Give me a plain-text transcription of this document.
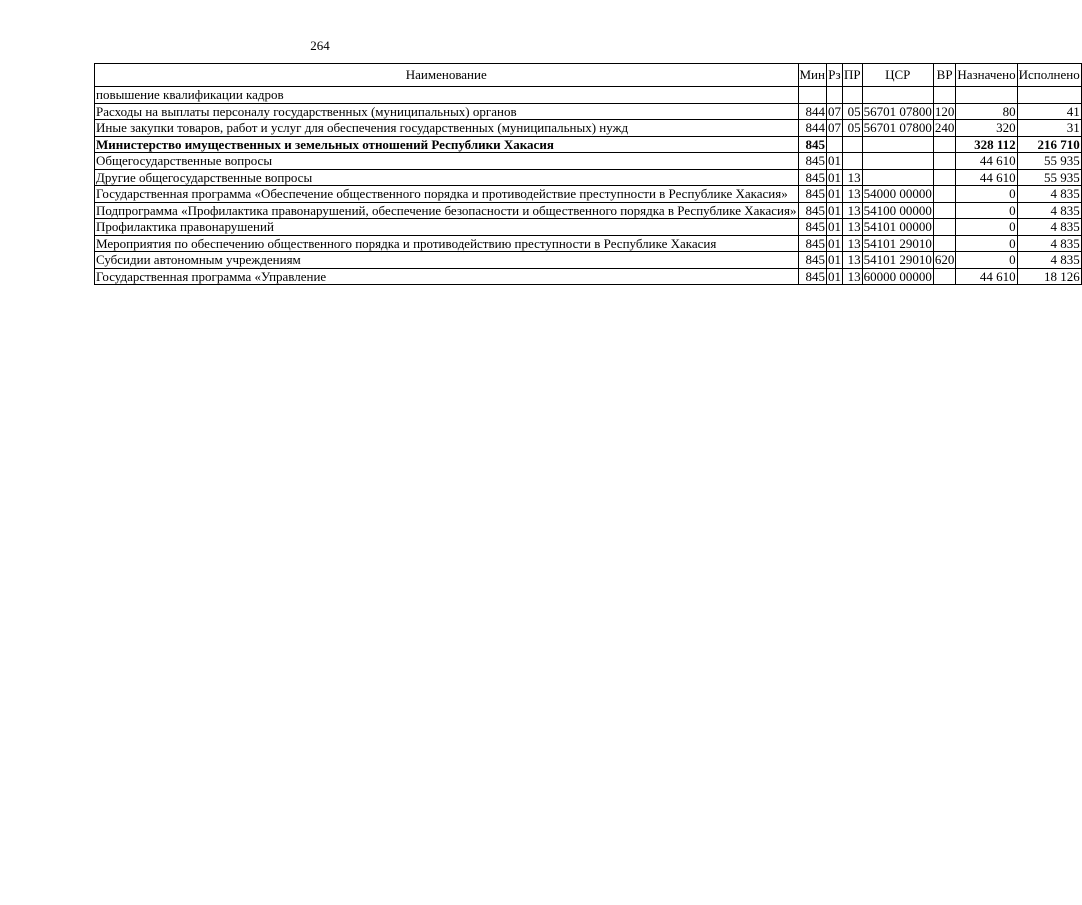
264
Наименование	Мин	Рз	ПР	ЦСР	ВР	Назначено	Исполнено
повышение квалификации кадров							
Расходы на выплаты персоналу государственных (муниципальных) органов	844	07	05	56701 07800	120	80	41
Иные закупки товаров, работ и услуг для обеспечения государственных (муниципальных) нужд	844	07	05	56701 07800	240	320	31
Министерство имущественных и земельных отношений Республики Хакасия	845					328 112	216 710
Общегосударственные вопросы	845	01				44 610	55 935
Другие общегосударственные вопросы	845	01	13			44 610	55 935
Государственная программа «Обеспечение общественного порядка и противодействие преступности в Республике Хакасия»	845	01	13	54000 00000		0	4 835
Подпрограмма «Профилактика правонарушений, обеспечение безопасности и общественного порядка в Республике Хакасия»	845	01	13	54100 00000		0	4 835
Профилактика правонарушений	845	01	13	54101 00000		0	4 835
Мероприятия по обеспечению общественного порядка и противодействию преступности в Республике Хакасия	845	01	13	54101 29010		0	4 835
Субсидии автономным учреждениям	845	01	13	54101 29010	620	0	4 835
Государственная программа «Управление	845	01	13	60000 00000		44 610	18 126
